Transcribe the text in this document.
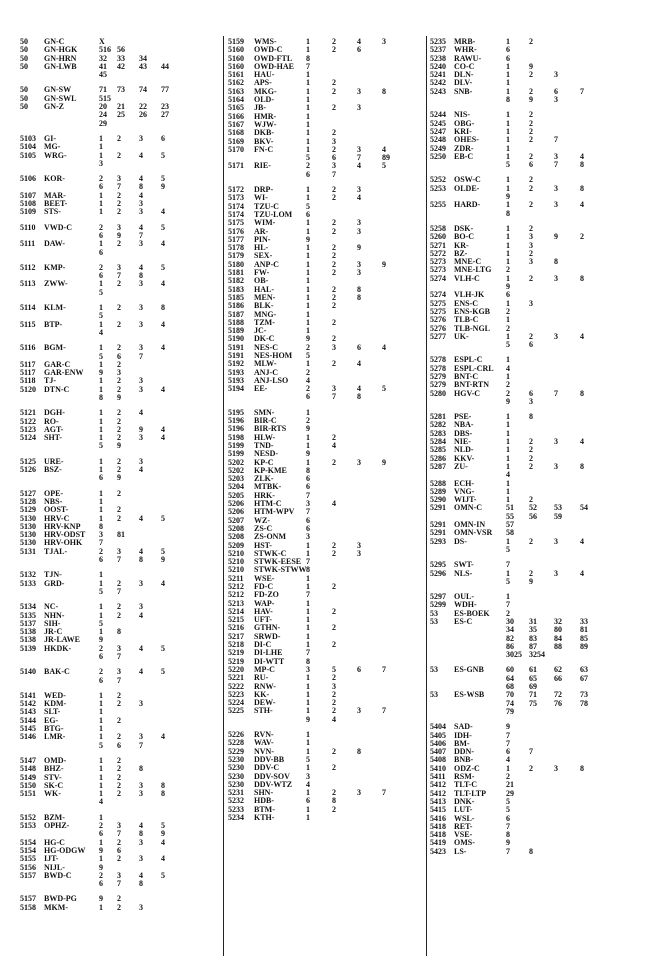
50	GN-C	X
50	GN-HGK	516 56
50	GN-HRN	32	33	34
50	GN-LWB	41	42	43	44
45
50	GN-SW	71	73	74	77
50	GN-SWL	515
50	GN-Z	20	21	22	23
24	25	26	27
29
5103	GI-	1	2	3	6
5104	MG-	1
5105	WRG-	1	2	4	5
3
5106	KOR-	2	3	4	5
6	7	8	9
5107	MAR-	1	2	4
5108	BEET-	1	2	3
5109	STS-	1	2	3	4
5110	VWD-C	2	3	4	5
6	9	7
5111	DAW-	1	2	3	4
6
5112	KMP-	2	3	4	5
6	7	8
5113	ZWW-	1	2	3	4
5
5114	KLM-	1	2	3	8
5
5115	BTP-	1	2	3	4
4
5116	BGM-	1	2	3	4
5	6	7
5117	GAR-C	1	2
5117	GAR-ENW	9	3
5118	TJ-	1	2	3
5120	DTN-C	1	2	3	4
8	9
5121	DGH-	1	2	4
5122	RO-	1	2
5123	AGT-	1	2	9	4
5124	SHT-	1	2	3	4
5	9
5125	URE-	1	2	3
5126	BSZ-	1	2	4
6	9
5127	OPE-	1	2
5128	NBS-	1
5129	OOST-	1	2
5130	HRV-C	1	2	4	5
5130	HRV-KNP	8
5130	HRV-ODST	3	81
5130	HRV-OHK	7
5131	TJAL-	2	3	4	5
6	7	8	9
5132	TJN-	1
5133	GRD-	1	2	3	4
5	7
5134	NC-	1	2	3
5135	NHN-	1	2	4
5137	SIH-	5
5138	JR-C	1	8
5138	JR-LAWE	9
5139	HKDK-	2	3	4	5
6	7
5140	BAK-C	2	3	4	5
6	7
5141	WED-	1	2
5142	KDM-	1	2	3
5143	SLT-	1
5144	EG-	1	2
5145	BTG-	1
5146	LMR-	1	2	3	4
5	6	7
5147	OMD-	1	2
5148	BHZ-	1	2	8
5149	STV-	1	2
5150	SK-C	1	2	3	8
5151	WK-	1	2	3	8
4
5152	BZM-	1
5153	OPHZ-	2	3	4	5
6	7	8	9
5154	HG-C	1	2	3	4
5154	HG-ODGW	9	6
5155	IJT-	1	2	3	4
5156	NIJL-	9
5157	BWD-C	2	3	4	5
6	7	8
5157	BWD-PG	9	2
5158	MKM-	1	2	3
5159	WMS-	1	2	4	3
5160	OWD-C	1	2	6
5160	OWD-FTL	8
5160	OWD-HAE	7
5161	HAU-	1
5162	APS-	1	2
5163	MKG-	1	2	3	8
5164	OLD-	1
5165	JB-	1	2	3
5166	HMR-	1
5167	WJW-	1
5168	DKB-	1	2
5169	BKV-	1	3
5170	FN-C	1	2	3	4
5	6	7	89
5171	RIE-	2	3	4	5
6	7
5172	DRP-	1	2	3
5173	WI-	1	2	4
5174	TZU-C	5
5174	TZU-LOM	6
5175	WIM-	1	2	3
5176	AR-	1	2	3
5177	PIN-	9
5178	HL-	1	2	9
5179	SEX-	1	2
5180	ANP-C	1	2	3	9
5181	FW-	1	2	3
5182	OB-	1
5183	HAL-	1	2	8
5185	MEN-	1	2	8
5186	BLK-	1	2
5187	MNG-	1
5188	TZM-	1	2
5189	JC-	1
5190	DK-C	9	2
5191	NES-C	2	3	6	4
5191	NES-HOM	5
5192	MLW-	1	2	4
5193	ANJ-C	2
5193	ANJ-LSO	4
5194	EE-	2	3	4	5
6	7	8
5195	SMN-	1
5196	BIR-C	2
5196	BIR-RTS	9
5198	HLW-	1	2
5199	TND-	1	4
5199	NESD-	9
5202	KP-C	1	2	3	9
5202	KP-KME	8
5203	ZLK-	6
5204	MTBK-	6
5205	HRK-	7
5206	HTM-C	3	4
5206	HTM-WPV	7
5207	WZ-	6
5208	ZS-C	6
5208	ZS-ONM	3
5209	HST-	1	2	3
5210	STWK-C	1	2	3
5210	STWK-EESE 7
5210	STWK-STWW 8
5211	WSE-	1
5212	FD-C	1	2
5212	FD-ZO	7
5213	WAP-	1
5214	HAV-	1	2
5215	UFT-	1
5216	GTHN-	1	2
5217	SRWD-	1
5218	DI-C	1	2
5219	DI-LHE	7
5219	DI-WTT	8
5220	MP-C	3	5	6	7
5221	RU-	1	2
5222	RNW-	1	3
5223	KK-	1	2
5224	DEW-	1	2
5225	STH-	1	2	3	7
9	4
5226	RVN-	1
5228	WAV-	1
5229	NVN-	1	2	8
5230	DDV-BB	5
5230	DDV-C	1	2
5230	DDV-SOV	3
5230	DDV-WTZ	4
5231	SHN-	1	2	3	7
5232	HDB-	6	8
5233	BTM-	1	2
5234	KTH-	1
5235	MRB-	1	2
5237	WHR-	6
5238	RAWU-	6
5240	CO-C	1	9
5241	DLN-	1	2	3
5242	DLV-	1
5243	SNB-	1	2	6	7
8	9	3
5244	NIS-	1	2
5245	OBG-	1	2
5247	KRI-	1	2
5248	OHES-	1	2	7
5249	ZDR-	1
5250	EB-C	1	2	3	4
5	6	7	8
5252	OSW-C	1	2
5253	OLDE-	1	2	3	8
9
5255	HARD-	1	2	3	4
8
5258	DSK-	1	2
5260	BO-C	1	3	9	2
5271	KR-	1	3
5272	BZ-	1	2
5273	MNE-C	1	3	8
5273	MNE-LTG	2
5274	VLH-C	1	2	3	8
9
5274	VLH-JK	6
5275	ENS-C	1	3
5275	ENS-KGB	2
5276	TLB-C	1
5276	TLB-NGL	2
5277	UK-	1	2	3	4
5	6
5278	ESPL-C	1
5278	ESPL-CRL	4
5279	BNT-C	1
5279	BNT-RTN	2
5280	HGV-C	2	6	7	8
9	3
5281	PSE-	1	8
5282	NBA-	1
5283	DBS-	1
5284	NIE-	1	2	3	4
5285	NLD-	1	2
5286	KKV-	1	2
5287	ZU-	1	2	3	8
4
5288	ECH-	1
5289	VNG-	1
5290	WIJT-	1	2
5291	OMN-C	51	52	53	54
55	56	59
5291	OMN-IN	57
5291	OMN-VSR	58
5293	DS-	1	2	3	4
5
5295	SWT-	7
5296	NLS-	1	2	3	4
5	9
5297	OUL-	1
5299	WDH-	7
53	ES-BOEK	2
53	ES-C	30	31	32	33
34	35	80	81
82	83	84	85
86	87	88	89
3025 3254
53	ES-GNB	60	61	62	63
64	65	66	67
68	69
53	ES-WSB	70	71	72	73
74	75	76	78
79
5404	SAD-	9
5405	IDH-	7
5406	BM-	7
5407	DDN-	6	7
5408	BNB-	4
5410	ODZ-C	1	2	3	8
5411	RSM-	2
5412	TLT-C	21
5412	TLT-LTP	29
5413	DNK-	5
5415	LUT-	5
5416	WSL-	6
5418	RET-	7
5418	VSE-	8
5419	OMS-	9
5423	LS-	7	8
